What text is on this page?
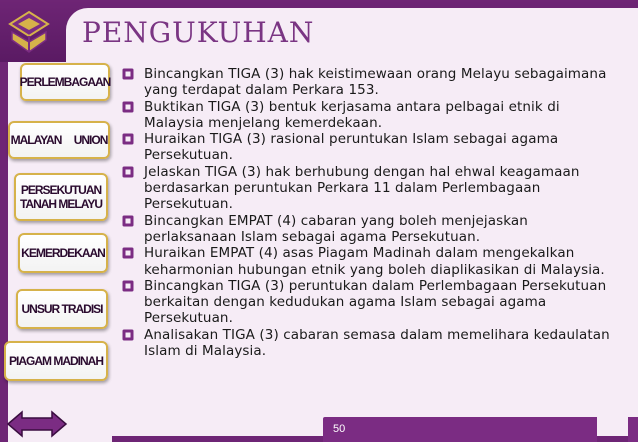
PENGUKUHAN
PERLEMBAGAAN
MALAYAN UNION
PERSEKUTUAN
TANAH MELAYU
KEMERDEKAAN
UNSUR TRADISI
PIAGAM MADINAH
Bincangkan TIGA (3) hak keistimewaan orang Melayu sebagaimana yang terdapat dalam Perkara 153.
Buktikan TIGA (3) bentuk kerjasama antara pelbagai etnik di Malaysia menjelang kemerdekaan.
Huraikan TIGA (3) rasional peruntukan Islam sebagai agama Persekutuan.
Jelaskan TIGA (3) hak berhubung dengan hal ehwal keagamaan berdasarkan peruntukan Perkara 11 dalam Perlembagaan Persekutuan.
Bincangkan EMPAT (4) cabaran yang boleh menjejaskan perlaksanaan Islam sebagai agama Persekutuan.
Huraikan EMPAT (4) asas Piagam Madinah dalam mengekalkan keharmonian hubungan etnik yang boleh diaplikasikan di Malaysia.
Bincangkan TIGA (3) peruntukan dalam Perlembagaan Persekutuan berkaitan dengan kedudukan agama Islam sebagai agama Persekutuan.
Analisakan TIGA (3) cabaran semasa dalam memelihara kedaulatan Islam di Malaysia.
50
